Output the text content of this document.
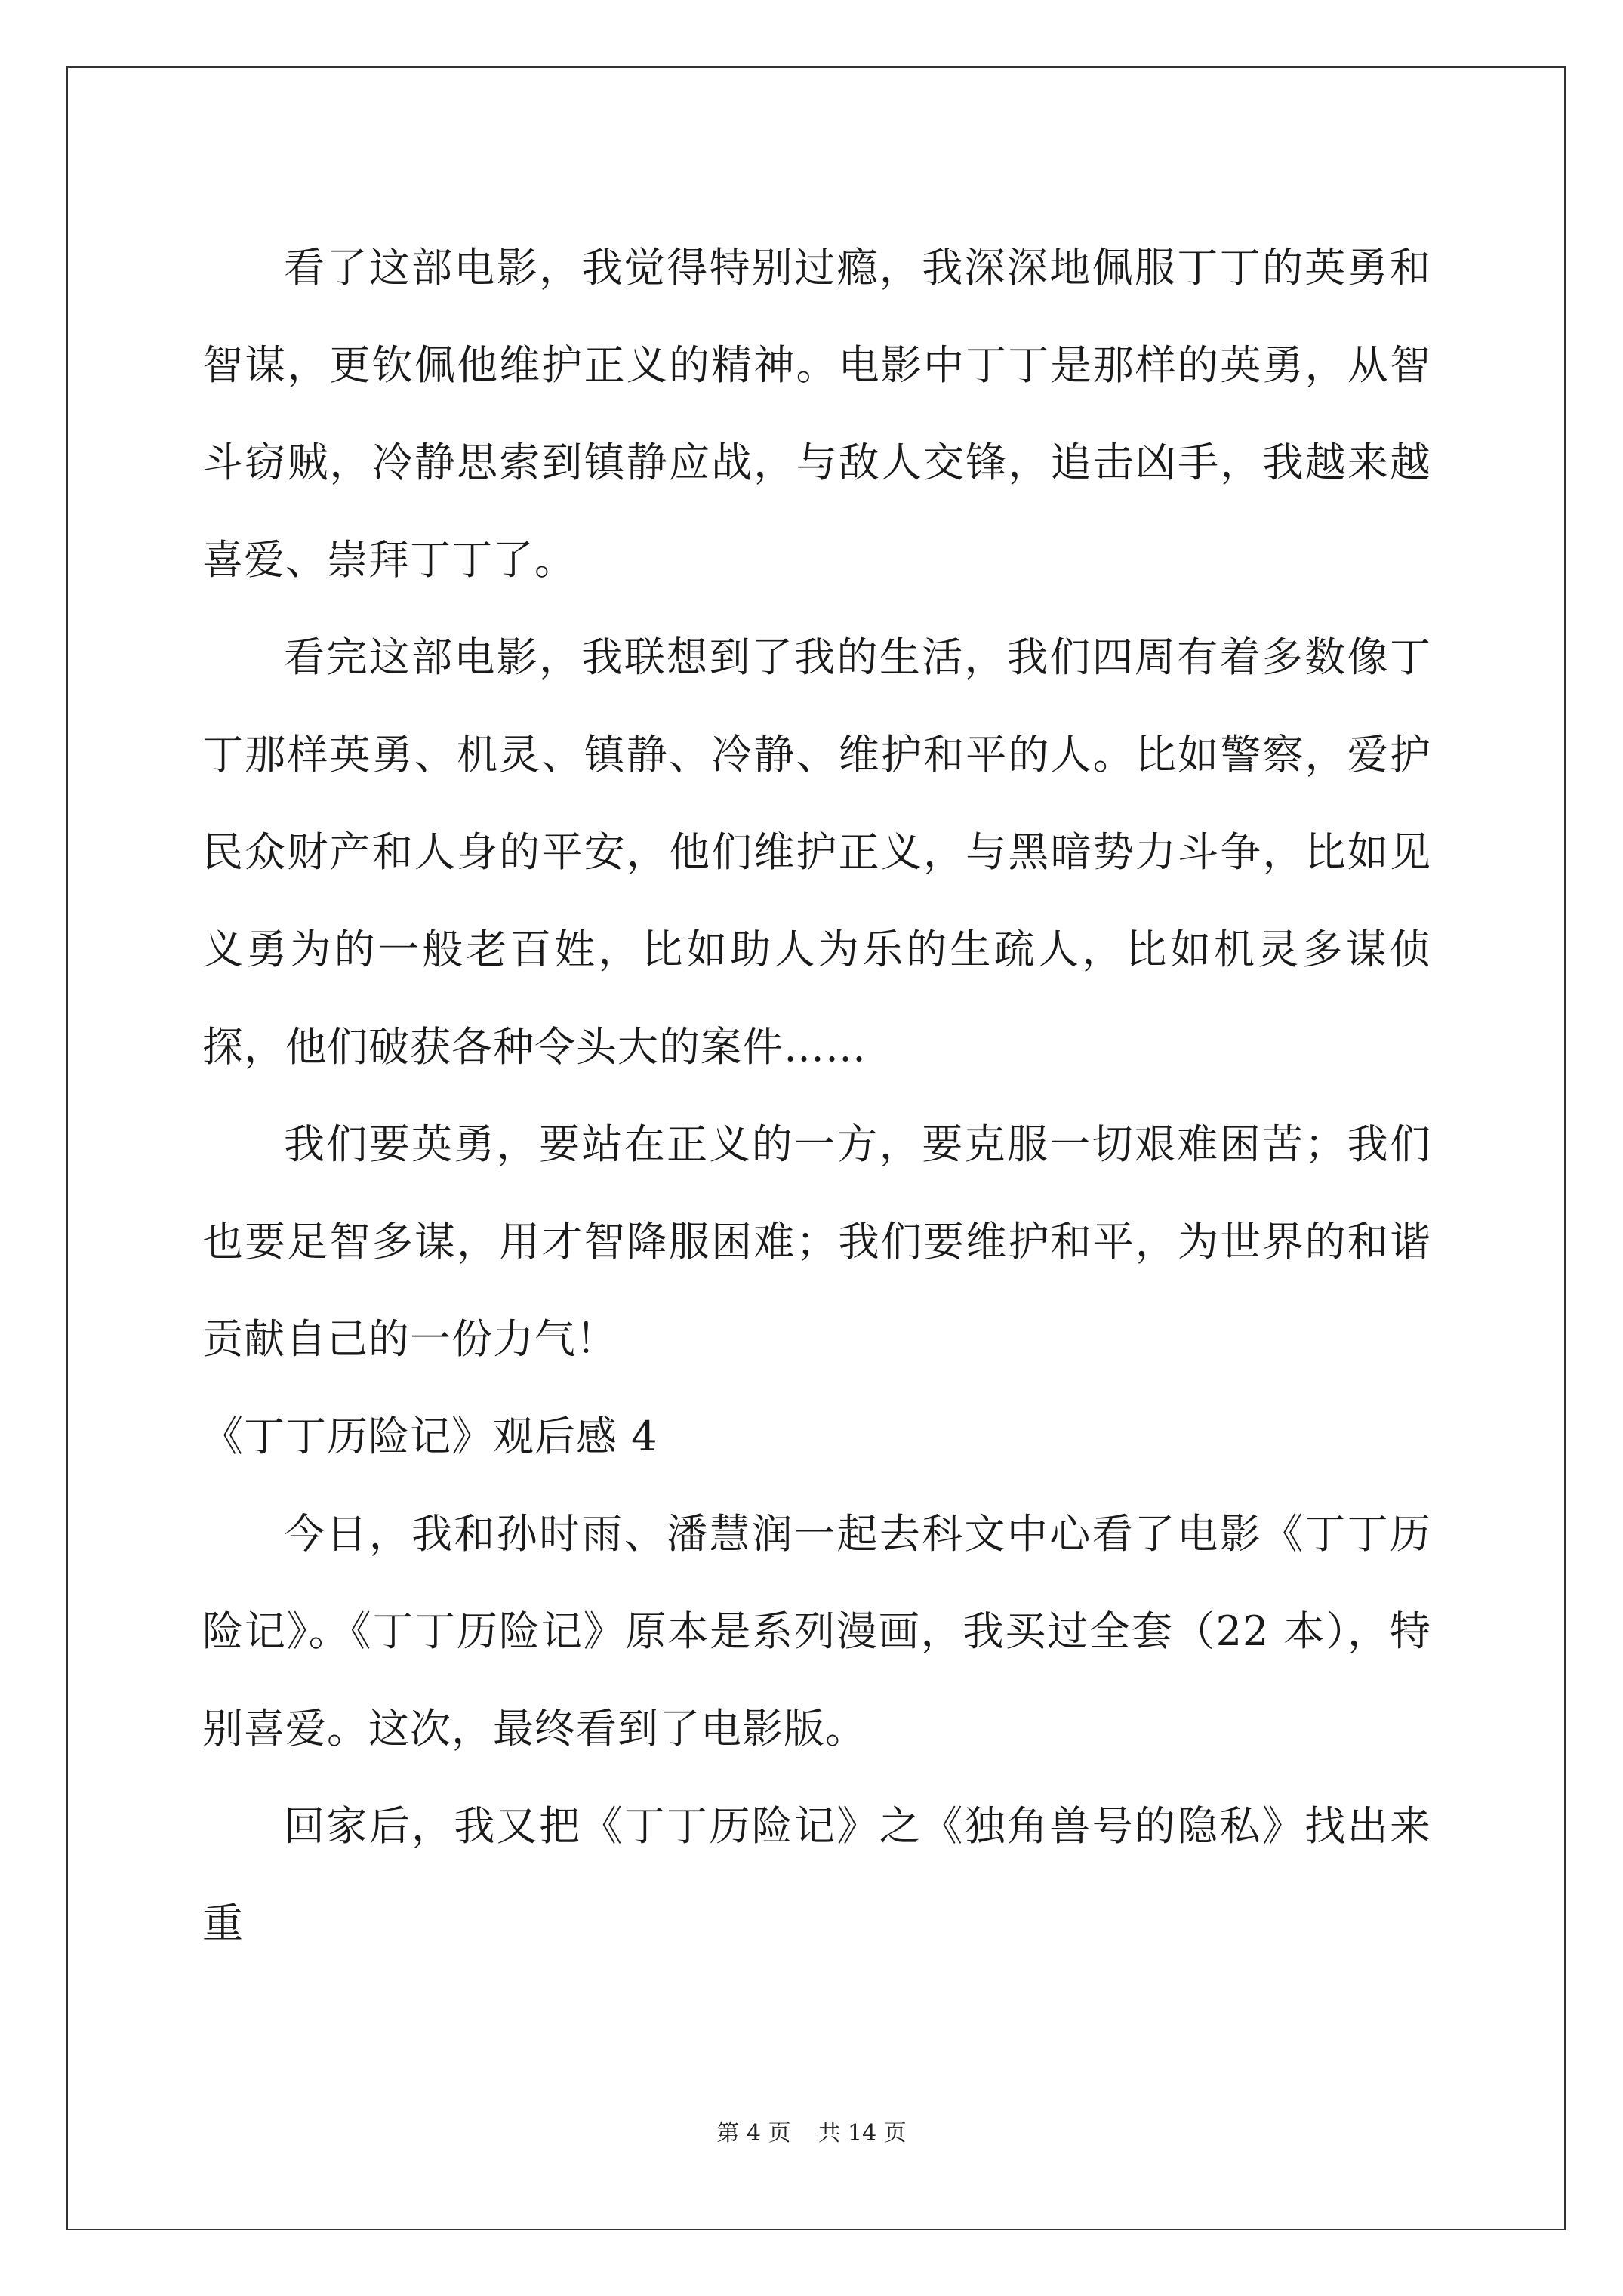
看了这部电影，我觉得特别过瘾，我深深地佩服丁丁的英勇和智谋，更钦佩他维护正义的精神。电影中丁丁是那样的英勇，从智斗窃贼，冷静思索到镇静应战，与敌人交锋，追击凶手，我越来越喜爱、崇拜丁丁了。

看完这部电影，我联想到了我的生活，我们四周有着多数像丁丁那样英勇、机灵、镇静、冷静、维护和平的人。比如警察，爱护民众财产和人身的平安，他们维护正义，与黑暗势力斗争，比如见义勇为的一般老百姓，比如助人为乐的生疏人，比如机灵多谋侦探，他们破获各种令头大的案件……

我们要英勇，要站在正义的一方，要克服一切艰难困苦；我们也要足智多谋，用才智降服困难；我们要维护和平，为世界的和谐贡献自己的一份力气！

《丁丁历险记》观后感 4

今日，我和孙时雨、潘慧润一起去科文中心看了电影《丁丁历险记》。《丁丁历险记》原本是系列漫画，我买过全套（22 本），特别喜爱。这次，最终看到了电影版。

回家后，我又把《丁丁历险记》之《独角兽号的隐私》找出来重

第 4 页 共 14 页
